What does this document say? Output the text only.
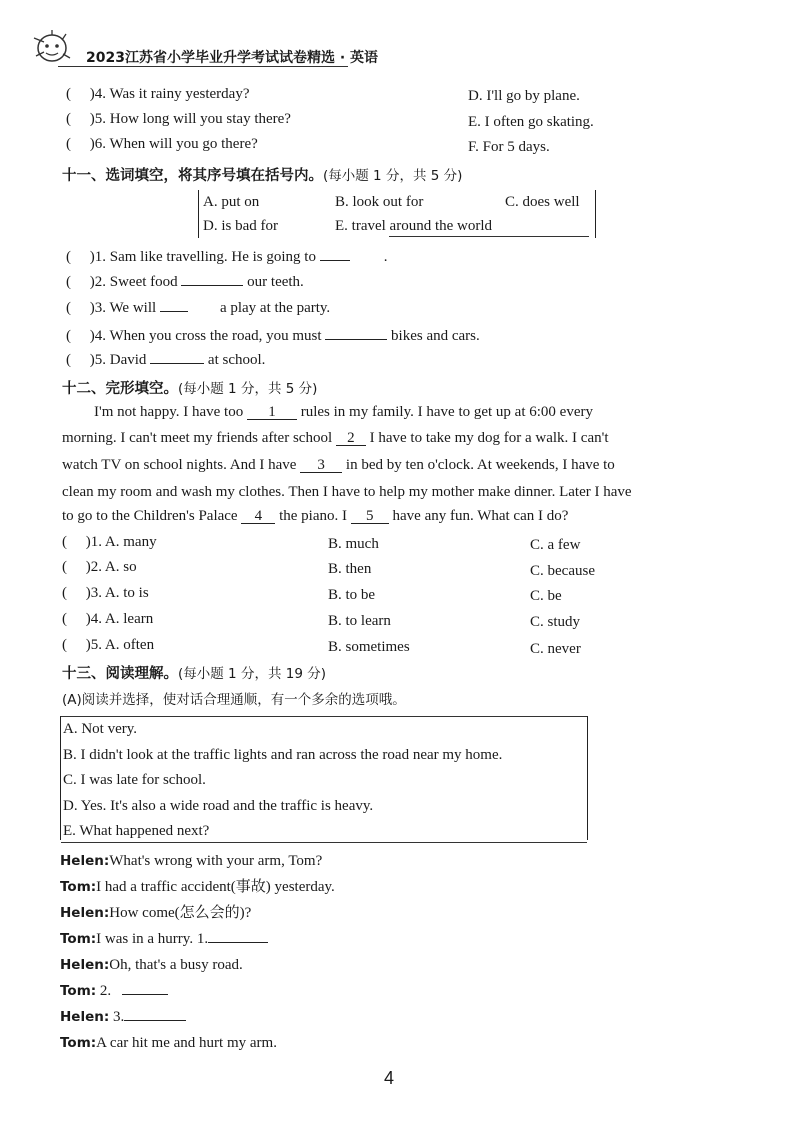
2023江苏省小学毕业升学考试试卷精选 · 英语
(     )4. Was it rainy yesterday?	D. I'll go by plane.
(     )5. How long will you stay there?	E. I often go skating.
(     )6. When will you go there?	F. For 5 days.
十一、选词填空，将其序号填在括号内。(每小题 1 分，共 5 分)
A. put on	B. look out for	C. does well
D. is bad for	E. travel around the world
(     )1. Sam like travelling. He is going to	.
(     )2. Sweet food	our teeth.
(     )3. We will	a play at the party.
(     )4. When you cross the road, you must	bikes and cars.
(     )5. David	at school.
十二、完形填空。(每小题 1 分，共 5 分)
I'm not happy. I have too 1 rules in my family. I have to get up at 6:00 every
morning. I can't meet my friends after school 2 I have to take my dog for a walk. I can't
watch TV on school nights. And I have 3 in bed by ten o'clock. At weekends, I have to
clean my room and wash my clothes. Then I have to help my mother make dinner. Later I have
to go to the Children's Palace 4 the piano. I 5 have any fun. What can I do?
(     )1. A. many	B. much	C. a few
(     )2. A. so	B. then	C. because
(     )3. A. to is	B. to be	C. be
(     )4. A. learn	B. to learn	C. study
(     )5. A. often	B. sometimes	C. never
十三、阅读理解。(每小题 1 分，共 19 分)
(A)阅读并选择，使对话合理通顺，有一个多余的选项哦。
A. Not very.
B. I didn't look at the traffic lights and ran across the road near my home.
C. I was late for school.
D. Yes. It's also a wide road and the traffic is heavy.
E. What happened next?
Helen:What's wrong with your arm, Tom?
Tom:I had a traffic accident(事故) yesterday.
Helen:How come(怎么会的)?
Tom:I was in a hurry. 1.
Helen:Oh, that's a busy road.
Tom: 2.
Helen: 3.
Tom:A car hit me and hurt my arm.
4
